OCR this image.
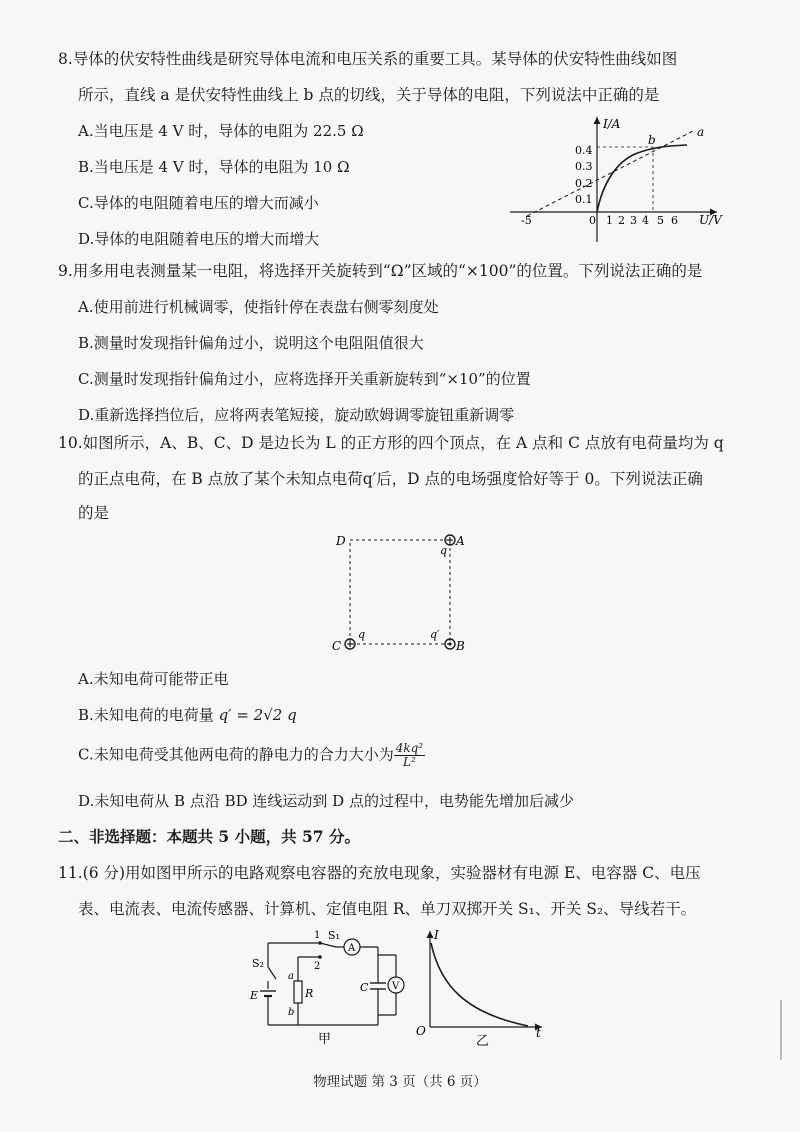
8.导体的伏安特性曲线是研究导体电流和电压关系的重要工具。某导体的伏安特性曲线如图
所示，直线 a 是伏安特性曲线上 b 点的切线，关于导体的电阻，下列说法中正确的是
A.当电压是 4 V 时，导体的电阻为 22.5 Ω
B.当电压是 4 V 时，导体的电阻为 10 Ω
C.导体的电阻随着电压的增大而减小
D.导体的电阻随着电压的增大而增大
0.4
0.3
0.2
0.1
-5	0 1 2 3 4 5 6
I/A
U/V
a
b
9.用多用电表测量某一电阻，将选择开关旋转到“Ω”区域的“×100”的位置。下列说法正确的是
A.使用前进行机械调零，使指针停在表盘右侧零刻度处
B.测量时发现指针偏角过小，说明这个电阻阻值很大
C.测量时发现指针偏角过小，应将选择开关重新旋转到“×10”的位置
D.重新选择挡位后，应将两表笔短接，旋动欧姆调零旋钮重新调零
10.如图所示，A、B、C、D 是边长为 L 的正方形的四个顶点，在 A 点和 C 点放有电荷量均为 q
的正点电荷，在 B 点放了某个未知点电荷q′后，D 点的电场强度恰好等于 0。下列说法正确
的是
D	A
C	B
q
q	q′
A.未知电荷可能带正电
B.未知电荷的电荷量 q′ = 2√2 q
C.未知电荷受其他两电荷的静电力的合力大小为 $\frac{\text{4kq²}}{\text{L²}}$
D.未知电荷从 B 点沿 BD 连线运动到 D 点的过程中，电势能先增加后减少
二、非选择题：本题共 5 小题，共 57 分。
11.(6 分)用如图甲所示的电路观察电容器的充放电现象，实验器材有电源 E、电容器 C、电压
表、电流表、电流传感器、计算机、定值电阻 R、单刀双掷开关 S₁、开关 S₂、导线若干。
A
V
S₁
S₂
E	R	C
1
2
a
b
甲
I
t
O
乙
物理试题 第 3 页（共 6 页）
